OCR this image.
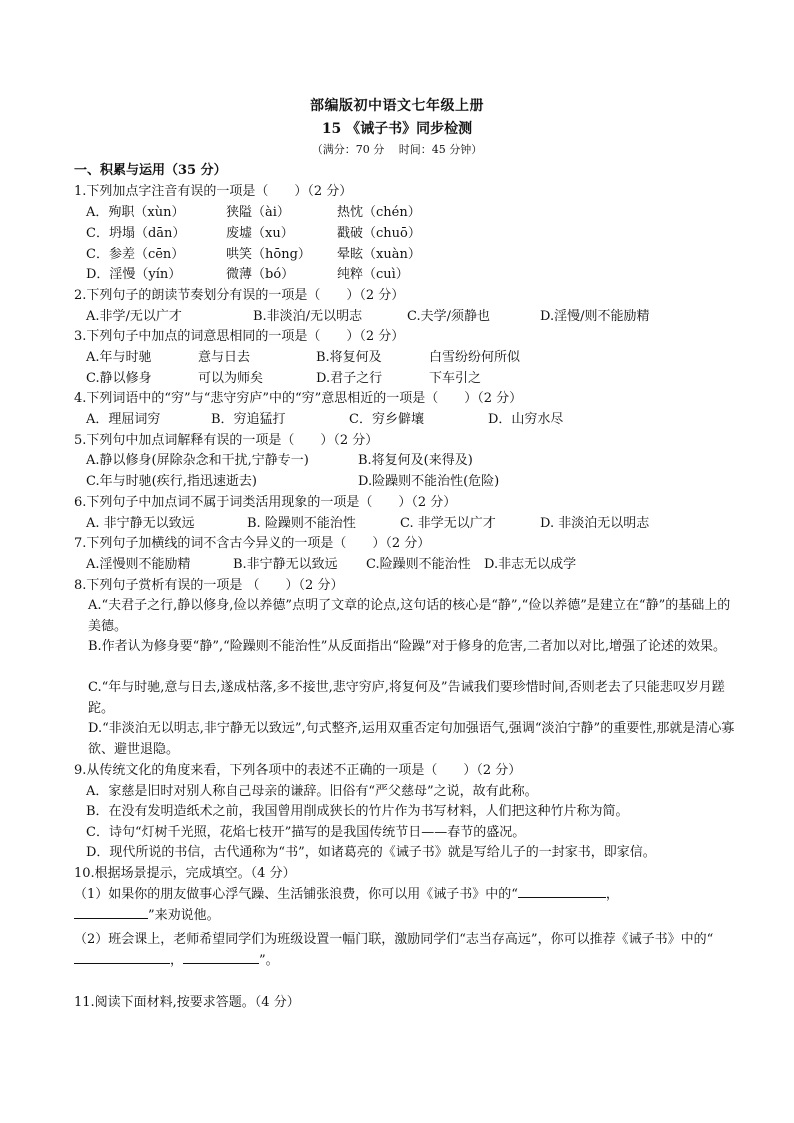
部编版初中语文七年级上册
15 《诫子书》同步检测
（满分：70 分　 时间：45 分钟）
一、积累与运用（35 分）
1.下列加点字注音有误的一项是（　　）（2 分）
A．殉职（xùn）	狭隘（ài）	热忱（chén）
C．坍塌（dān）	废墟（xu）	戳破（chuō）
C．参差（cēn）	哄笑（hōng） 晕眩（xuàn）
D．淫慢（yín）	微薄（bó）	纯粹（cuì）
2.下列句子的朗读节奏划分有误的一项是（　　）（2 分）
A.非学/无以广才	B.非淡泊/无以明志	C.夫学/须静也	D.淫慢/则不能励精
3.下列句子中加点的词意思相同的一项是（　　）（2 分）
A.年与时驰	意与日去	B.将复何及	白雪纷纷何所似
C.静以修身	可以为师矣	D.君子之行	下车引之
4.下列词语中的“穷”与“悲守穷庐”中的“穷”意思相近的一项是（　　）（2 分）
A．理屈词穷	B．穷追猛打	C．穷乡僻壤	D．山穷水尽
5.下列句中加点词解释有误的一项是（　　）（2 分）
A.静以修身(屏除杂念和干扰,宁静专一)	B.将复何及(来得及)
C.年与时驰(疾行,指迅速逝去)	D.险躁则不能治性(危险)
6.下列句子中加点词不属于词类活用现象的一项是（　　）（2 分）
A. 非宁静无以致远	B. 险躁则不能治性	C. 非学无以广才	D. 非淡泊无以明志
7.下列句子加横线的词不含古今异义的一项是（　　）（2 分）
A.淫慢则不能励精	B.非宁静无以致远 C.险躁则不能治性 D.非志无以成学
8.下列句子赏析有误的一项是 （　　）（2 分）
A.“夫君子之行,静以修身,俭以养德”点明了文章的论点,这句话的核心是“静”,“俭以养德”是建立在“静”的基础上的美德。
B.作者认为修身要“静”,“险躁则不能治性”从反面指出“险躁”对于修身的危害,二者加以对比,增强了论述的效果。
C.“年与时驰,意与日去,遂成枯落,多不接世,悲守穷庐,将复何及”告诫我们要珍惜时间,否则老去了只能悲叹岁月蹉跎。
D.“非淡泊无以明志,非宁静无以致远”,句式整齐,运用双重否定句加强语气,强调“淡泊宁静”的重要性,那就是清心寡欲、避世退隐。
9.从传统文化的角度来看，下列各项中的表述不正确的一项是（　　）（2 分）
A．家慈是旧时对别人称自己母亲的谦辞。旧俗有“严父慈母”之说，故有此称。
B．在没有发明造纸术之前，我国曾用削成狭长的竹片作为书写材料，人们把这种竹片称为简。
C．诗句“灯树千光照，花焰七枝开”描写的是我国传统节日——春节的盛况。
D．现代所说的书信，古代通称为“书”，如诸葛亮的《诫子书》就是写给儿子的一封家书，即家信。
10.根据场景提示，完成填空。（4 分）
（1）如果你的朋友做事心浮气躁、生活铺张浪费，你可以用《诫子书》中的“	，
”来劝说他。
（2）班会课上，老师希望同学们为班级设置一幅门联，激励同学们“志当存高远”，你可以推荐《诫子书》中的“，	”。
11.阅读下面材料,按要求答题。（4 分）
